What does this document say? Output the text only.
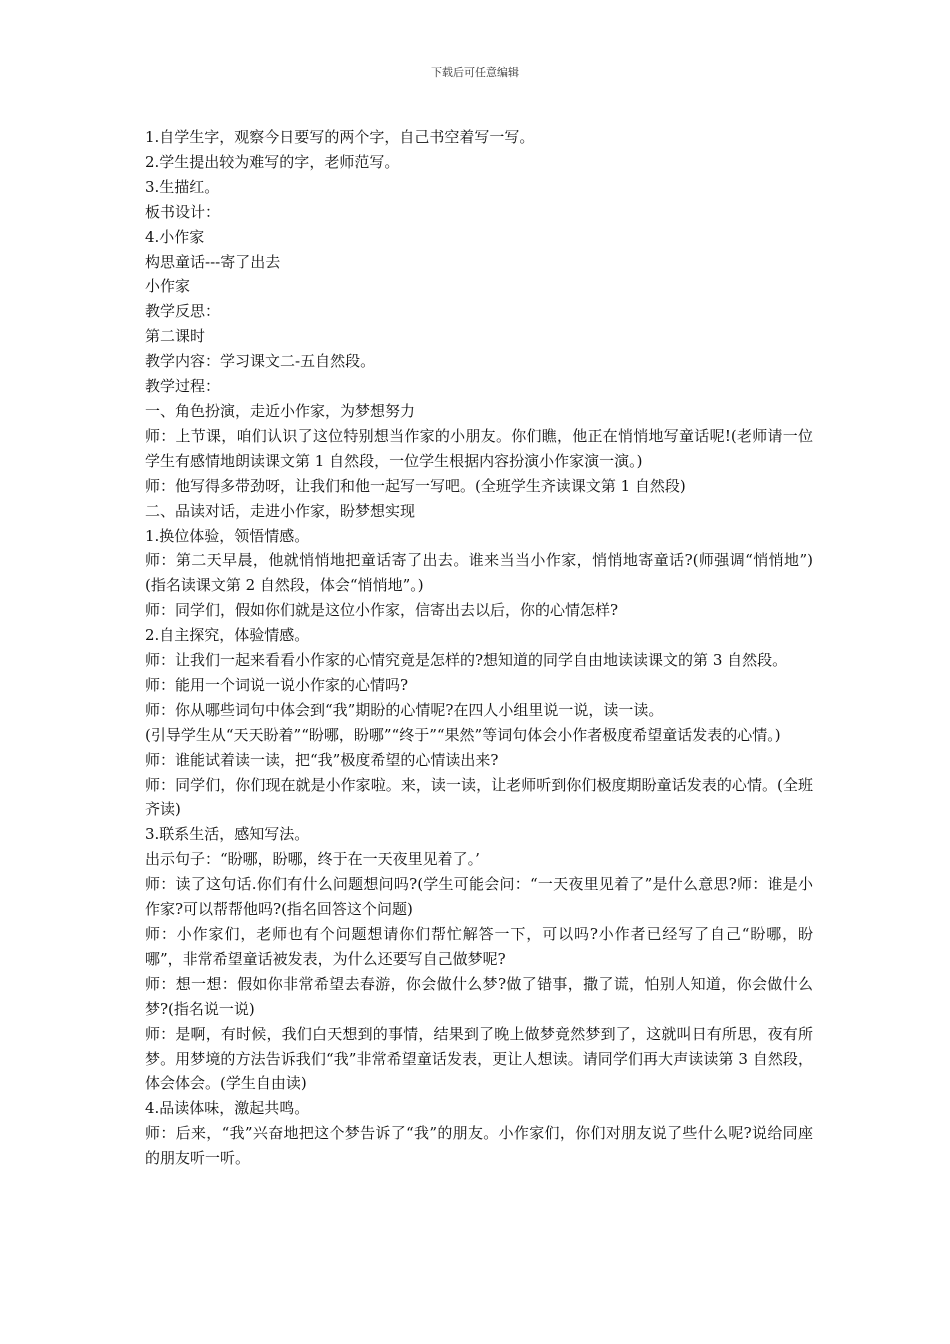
下载后可任意编辑

1.自学生字，观察今日要写的两个字，自己书空着写一写。

2.学生提出较为难写的字，老师范写。

3.生描红。

板书设计：

4.小作家

构思童话---寄了出去

小作家

教学反思：

第二课时

教学内容：学习课文二-五自然段。

教学过程：

一、角色扮演，走近小作家，为梦想努力

师：上节课，咱们认识了这位特别想当作家的小朋友。你们瞧，他正在悄悄地写童话呢!(老师请一位学生有感情地朗读课文第 1 自然段，一位学生根据内容扮演小作家演一演。)

师：他写得多带劲呀，让我们和他一起写一写吧。(全班学生齐读课文第 1 自然段)

二、品读对话，走进小作家，盼梦想实现

1.换位体验，领悟情感。

师：第二天早晨，他就悄悄地把童话寄了出去。谁来当当小作家，悄悄地寄童话?(师强调“悄悄地”)(指名读课文第 2 自然段，体会“悄悄地”。)

师：同学们，假如你们就是这位小作家，信寄出去以后，你的心情怎样?

2.自主探究，体验情感。

师：让我们一起来看看小作家的心情究竟是怎样的?想知道的同学自由地读读课文的第 3 自然段。

师：能用一个词说一说小作家的心情吗?

师：你从哪些词句中体会到“我”期盼的心情呢?在四人小组里说一说，读一读。

(引导学生从“天天盼着”“盼哪，盼哪”“终于”“果然”等词句体会小作者极度希望童话发表的心情。)

师：谁能试着读一读，把“我”极度希望的心情读出来?

师：同学们，你们现在就是小作家啦。来，读一读，让老师听到你们极度期盼童话发表的心情。(全班齐读)

3.联系生活，感知写法。

出示句子：“盼哪，盼哪，终于在一天夜里见着了。’

师：读了这句话.你们有什么问题想问吗?(学生可能会问：“一天夜里见着了”是什么意思?师：谁是小作家?可以帮帮他吗?(指名回答这个问题)

师：小作家们，老师也有个问题想请你们帮忙解答一下，可以吗?小作者已经写了自己“盼哪，盼哪”，非常希望童话被发表，为什么还要写自己做梦呢?

师：想一想：假如你非常希望去春游，你会做什么梦?做了错事，撒了谎，怕别人知道，你会做什么梦?(指名说一说)

师：是啊，有时候，我们白天想到的事情，结果到了晚上做梦竟然梦到了，这就叫日有所思，夜有所梦。用梦境的方法告诉我们“我”非常希望童话发表，更让人想读。请同学们再大声读读第 3 自然段，体会体会。(学生自由读)

4.品读体味，激起共鸣。

师：后来，“我”兴奋地把这个梦告诉了“我”的朋友。小作家们，你们对朋友说了些什么呢?说给同座的朋友听一听。
